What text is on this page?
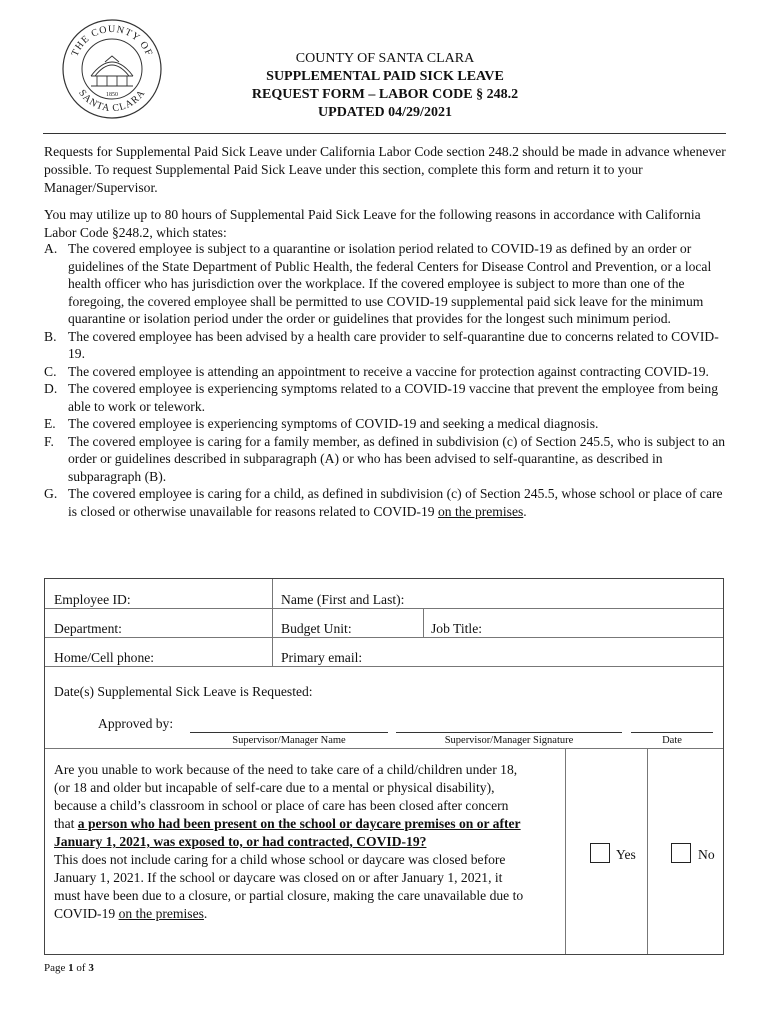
THE COUNTY OF
SANTA CLARA
1850
COUNTY OF SANTA CLARA
SUPPLEMENTAL PAID SICK LEAVE
REQUEST FORM – LABOR CODE § 248.2
UPDATED 04/29/2021
Requests for Supplemental Paid Sick Leave under California Labor Code section 248.2 should be made in advance whenever possible. To request Supplemental Paid Sick Leave under this section, complete this form and return it to your Manager/Supervisor.
You may utilize up to 80 hours of Supplemental Paid Sick Leave for the following reasons in accordance with California Labor Code §248.2, which states:
A. The covered employee is subject to a quarantine or isolation period related to COVID-19 as defined by an order or guidelines of the State Department of Public Health, the federal Centers for Disease Control and Prevention, or a local health officer who has jurisdiction over the workplace. If the covered employee is subject to more than one of the foregoing, the covered employee shall be permitted to use COVID-19 supplemental paid sick leave for the minimum quarantine or isolation period under the order or guidelines that provides for the longest such minimum period.
B. The covered employee has been advised by a health care provider to self-quarantine due to concerns related to COVID-19.
C. The covered employee is attending an appointment to receive a vaccine for protection against contracting COVID-19.
D. The covered employee is experiencing symptoms related to a COVID-19 vaccine that prevent the employee from being able to work or telework.
E. The covered employee is experiencing symptoms of COVID-19 and seeking a medical diagnosis.
F. The covered employee is caring for a family member, as defined in subdivision (c) of Section 245.5, who is subject to an order or guidelines described in subparagraph (A) or who has been advised to self-quarantine, as described in subparagraph (B).
G. The covered employee is caring for a child, as defined in subdivision (c) of Section 245.5, whose school or place of care is closed or otherwise unavailable for reasons related to COVID-19 on the premises.
Employee ID:	Name (First and Last):
Department:	Budget Unit:	Job Title:
Home/Cell phone:	Primary email:
Date(s) Supplemental Sick Leave is Requested:
Approved by:
Supervisor/Manager Name	Supervisor/Manager Signature	Date
Are you unable to work because of the need to take care of a child/children under 18, (or 18 and older but incapable of self-care due to a mental or physical disability), because a child’s classroom in school or place of care has been closed after concern that a person who had been present on the school or daycare premises on or after January 1, 2021, was exposed to, or had contracted, COVID-19?
This does not include caring for a child whose school or daycare was closed before January 1, 2021. If the school or daycare was closed on or after January 1, 2021, it must have been due to a closure, or partial closure, making the care unavailable due to COVID-19 on the premises.
Yes	No
Page 1 of 3
